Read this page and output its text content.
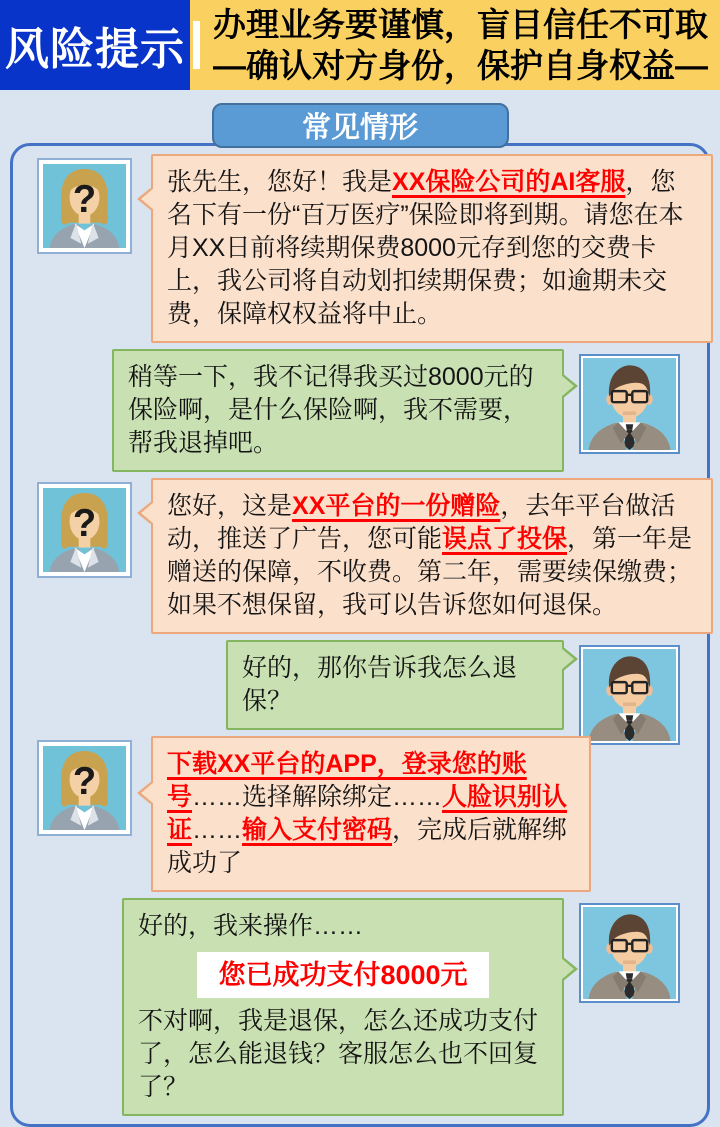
风险提示
办理业务要谨慎，盲目信任不可取
—确认对方身份，保护自身权益—
常见情形

张先生，您好！我是XX保险公司的AI客服，您名下有一份“百万医疗”保险即将到期。请您在本月XX日前将续期保费8000元存到您的交费卡上，我公司将自动划扣续期保费；如逾期未交费，保障权权益将中止。

?

稍等一下，我不记得我买过8000元的保险啊，是什么保险啊，我不需要，帮我退掉吧。

您好，这是XX平台的一份赠险，去年平台做活动，推送了广告，您可能误点了投保，第一年是赠送的保障，不收费。第二年，需要续保缴费；如果不想保留，我可以告诉您如何退保。

?

好的，那你告诉我怎么退保？

下载XX平台的APP，登录您的账号……选择解除绑定……人脸识别认证……输入支付密码，完成后就解绑成功了

?

好的，我来操作……

您已成功支付8000元

不对啊，我是退保，怎么还成功支付了，怎么能退钱？客服怎么也不回复了？
